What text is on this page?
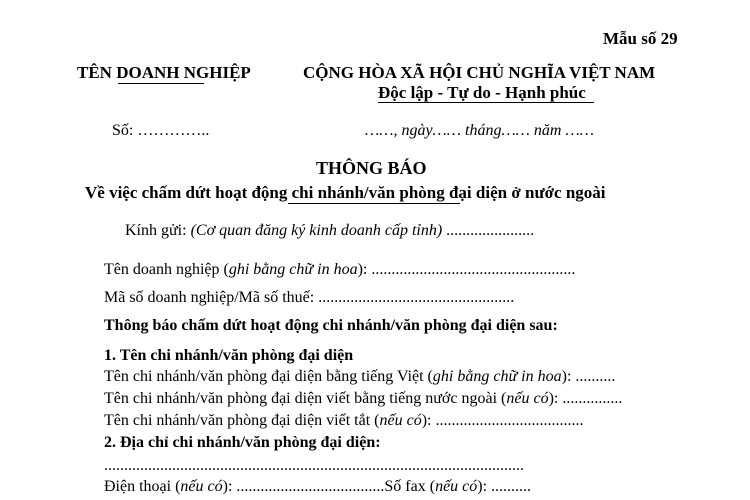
Mẫu số 29
TÊN DOANH NGHIỆP	CỘNG HÒA XÃ HỘI CHỦ NGHĨA VIỆT NAM
Độc lập - Tự do - Hạnh phúc
Số: …………..	……, ngày…… tháng…… năm ……
THÔNG BÁO
Về việc chấm dứt hoạt động chi nhánh/văn phòng đại diện ở nước ngoài
Kính gửi: (Cơ quan đăng ký kinh doanh cấp tỉnh) ......................
Tên doanh nghiệp (ghi bằng chữ in hoa): ...................................................
Mã số doanh nghiệp/Mã số thuế: .................................................
Thông báo chấm dứt hoạt động chi nhánh/văn phòng đại diện sau:
1. Tên chi nhánh/văn phòng đại diện
Tên chi nhánh/văn phòng đại diện bằng tiếng Việt (ghi bằng chữ in hoa): ..........
Tên chi nhánh/văn phòng đại diện viết bằng tiếng nước ngoài (nếu có): ...............
Tên chi nhánh/văn phòng đại diện viết tắt (nếu có): .....................................
2. Địa chỉ chi nhánh/văn phòng đại diện:
.........................................................................................................
Điện thoại (nếu có): .....................................Số fax (nếu có): ..........
